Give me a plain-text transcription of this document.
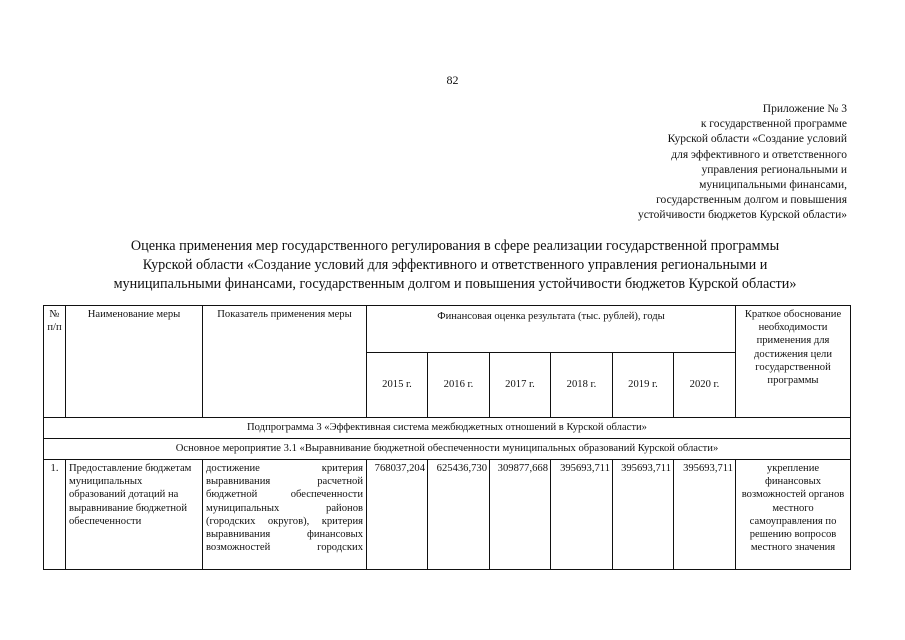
82
Приложение № 3
к государственной программе
Курской области «Создание условий
для эффективного и ответственного
управления региональными и
муниципальными финансами,
государственным долгом и повышения
устойчивости бюджетов Курской области»
Оценка применения мер государственного регулирования в сфере реализации государственной программы
Курской области «Создание условий для эффективного и ответственного управления региональными и
муниципальными финансами, государственным долгом и повышения устойчивости бюджетов Курской области»
№ п/п	Наименование меры	Показатель применения меры	Финансовая оценка результата (тыс. рублей), годы						Краткое обоснование необходимости применения для достижения цели государственной программы
			2015 г.	2016 г.	2017 г.	2018 г.	2019 г.	2020 г.	
Подпрограмма 3 «Эффективная система межбюджетных отношений в Курской области»									
Основное мероприятие 3.1 «Выравнивание бюджетной обеспеченности муниципальных образований Курской области»									
1.	Предоставление бюджетам муниципальных образований дотаций на выравнивание бюджетной обеспеченности	достижение критерия выравнивания расчетной бюджетной обеспеченности муниципальных районов (городских округов), критерия выравнивания финансовых возможностей городских	768037,204	625436,730	309877,668	395693,711	395693,711	395693,711	укрепление финансовых возможностей органов местного самоуправления по решению вопросов местного значения
